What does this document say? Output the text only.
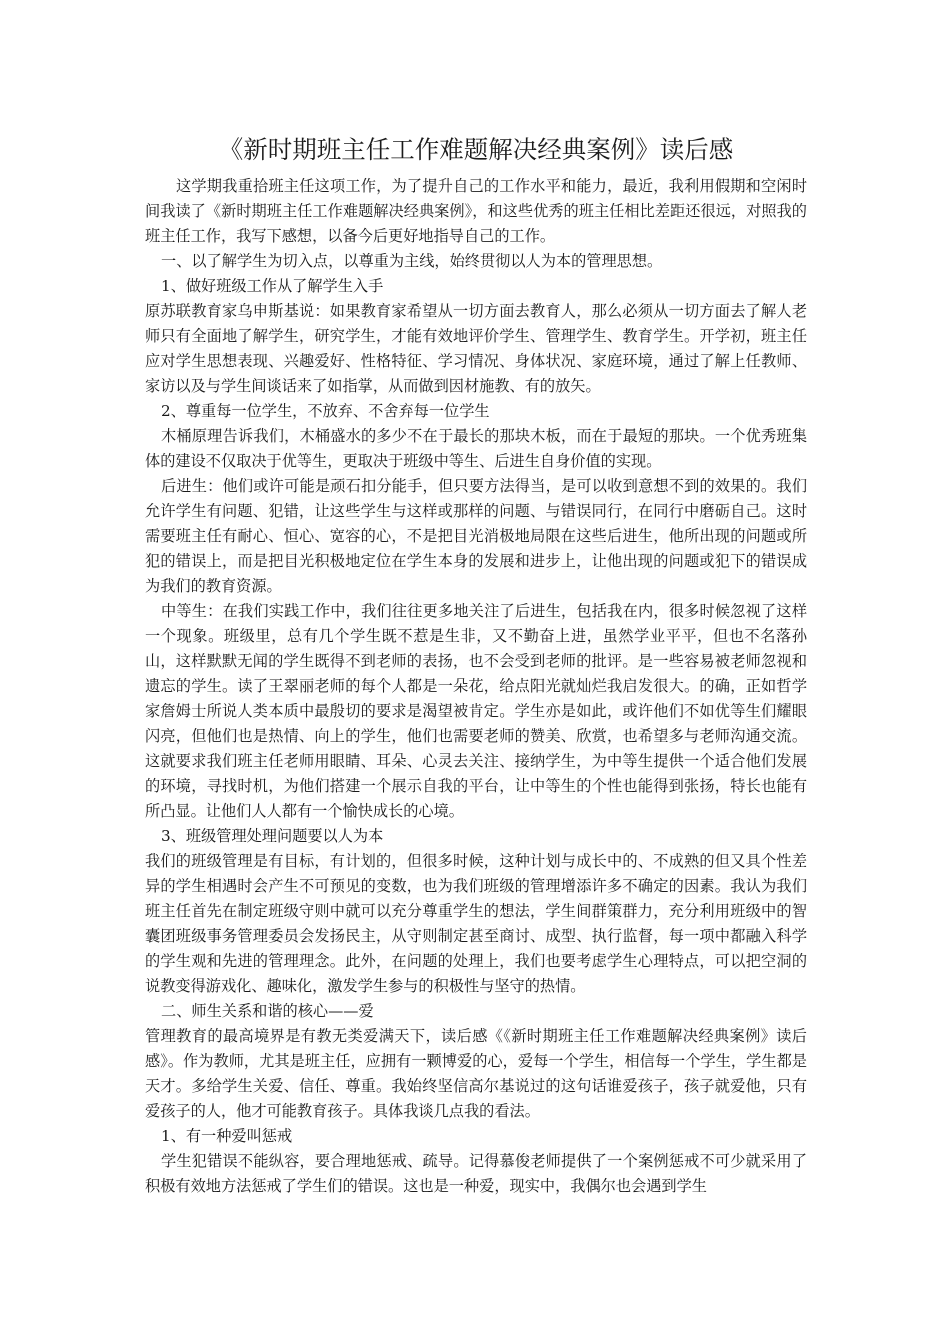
《新时期班主任工作难题解决经典案例》读后感

这学期我重拾班主任这项工作，为了提升自己的工作水平和能力，最近，我利用假期和空闲时间我读了《新时期班主任工作难题解决经典案例》，和这些优秀的班主任相比差距还很远，对照我的班主任工作，我写下感想，以备今后更好地指导自己的工作。

一、以了解学生为切入点，以尊重为主线，始终贯彻以人为本的管理思想。

1、做好班级工作从了解学生入手

原苏联教育家乌申斯基说：如果教育家希望从一切方面去教育人，那么必须从一切方面去了解人老师只有全面地了解学生，研究学生，才能有效地评价学生、管理学生、教育学生。开学初，班主任应对学生思想表现、兴趣爱好、性格特征、学习情况、身体状况、家庭环境，通过了解上任教师、家访以及与学生间谈话来了如指掌，从而做到因材施教、有的放矢。

2、尊重每一位学生，不放弃、不舍弃每一位学生

木桶原理告诉我们，木桶盛水的多少不在于最长的那块木板，而在于最短的那块。一个优秀班集体的建设不仅取决于优等生，更取决于班级中等生、后进生自身价值的实现。

后进生：他们或许可能是顽石扣分能手，但只要方法得当，是可以收到意想不到的效果的。我们允许学生有问题、犯错，让这些学生与这样或那样的问题、与错误同行，在同行中磨砺自己。这时需要班主任有耐心、恒心、宽容的心，不是把目光消极地局限在这些后进生，他所出现的问题或所犯的错误上，而是把目光积极地定位在学生本身的发展和进步上，让他出现的问题或犯下的错误成为我们的教育资源。

中等生：在我们实践工作中，我们往往更多地关注了后进生，包括我在内，很多时候忽视了这样一个现象。班级里，总有几个学生既不惹是生非，又不勤奋上进，虽然学业平平，但也不名落孙山，这样默默无闻的学生既得不到老师的表扬，也不会受到老师的批评。是一些容易被老师忽视和遗忘的学生。读了王翠丽老师的每个人都是一朵花，给点阳光就灿烂我启发很大。的确，正如哲学家詹姆士所说人类本质中最殷切的要求是渴望被肯定。学生亦是如此，或许他们不如优等生们耀眼闪亮，但他们也是热情、向上的学生，他们也需要老师的赞美、欣赏，也希望多与老师沟通交流。这就要求我们班主任老师用眼睛、耳朵、心灵去关注、接纳学生，为中等生提供一个适合他们发展的环境，寻找时机，为他们搭建一个展示自我的平台，让中等生的个性也能得到张扬，特长也能有所凸显。让他们人人都有一个愉快成长的心境。

3、班级管理处理问题要以人为本

我们的班级管理是有目标，有计划的，但很多时候，这种计划与成长中的、不成熟的但又具个性差异的学生相遇时会产生不可预见的变数，也为我们班级的管理增添许多不确定的因素。我认为我们班主任首先在制定班级守则中就可以充分尊重学生的想法，学生间群策群力，充分利用班级中的智囊团班级事务管理委员会发扬民主，从守则制定甚至商讨、成型、执行监督，每一项中都融入科学的学生观和先进的管理理念。此外，在问题的处理上，我们也要考虑学生心理特点，可以把空洞的说教变得游戏化、趣味化，激发学生参与的积极性与坚守的热情。

二、师生关系和谐的核心——爱

管理教育的最高境界是有教无类爱满天下，读后感《《新时期班主任工作难题解决经典案例》读后感》。作为教师，尤其是班主任，应拥有一颗博爱的心，爱每一个学生，相信每一个学生，学生都是天才。多给学生关爱、信任、尊重。我始终坚信高尔基说过的这句话谁爱孩子，孩子就爱他，只有爱孩子的人，他才可能教育孩子。具体我谈几点我的看法。

1、有一种爱叫惩戒

学生犯错误不能纵容，要合理地惩戒、疏导。记得慕俊老师提供了一个案例惩戒不可少就采用了积极有效地方法惩戒了学生们的错误。这也是一种爱，现实中，我偶尔也会遇到学生
